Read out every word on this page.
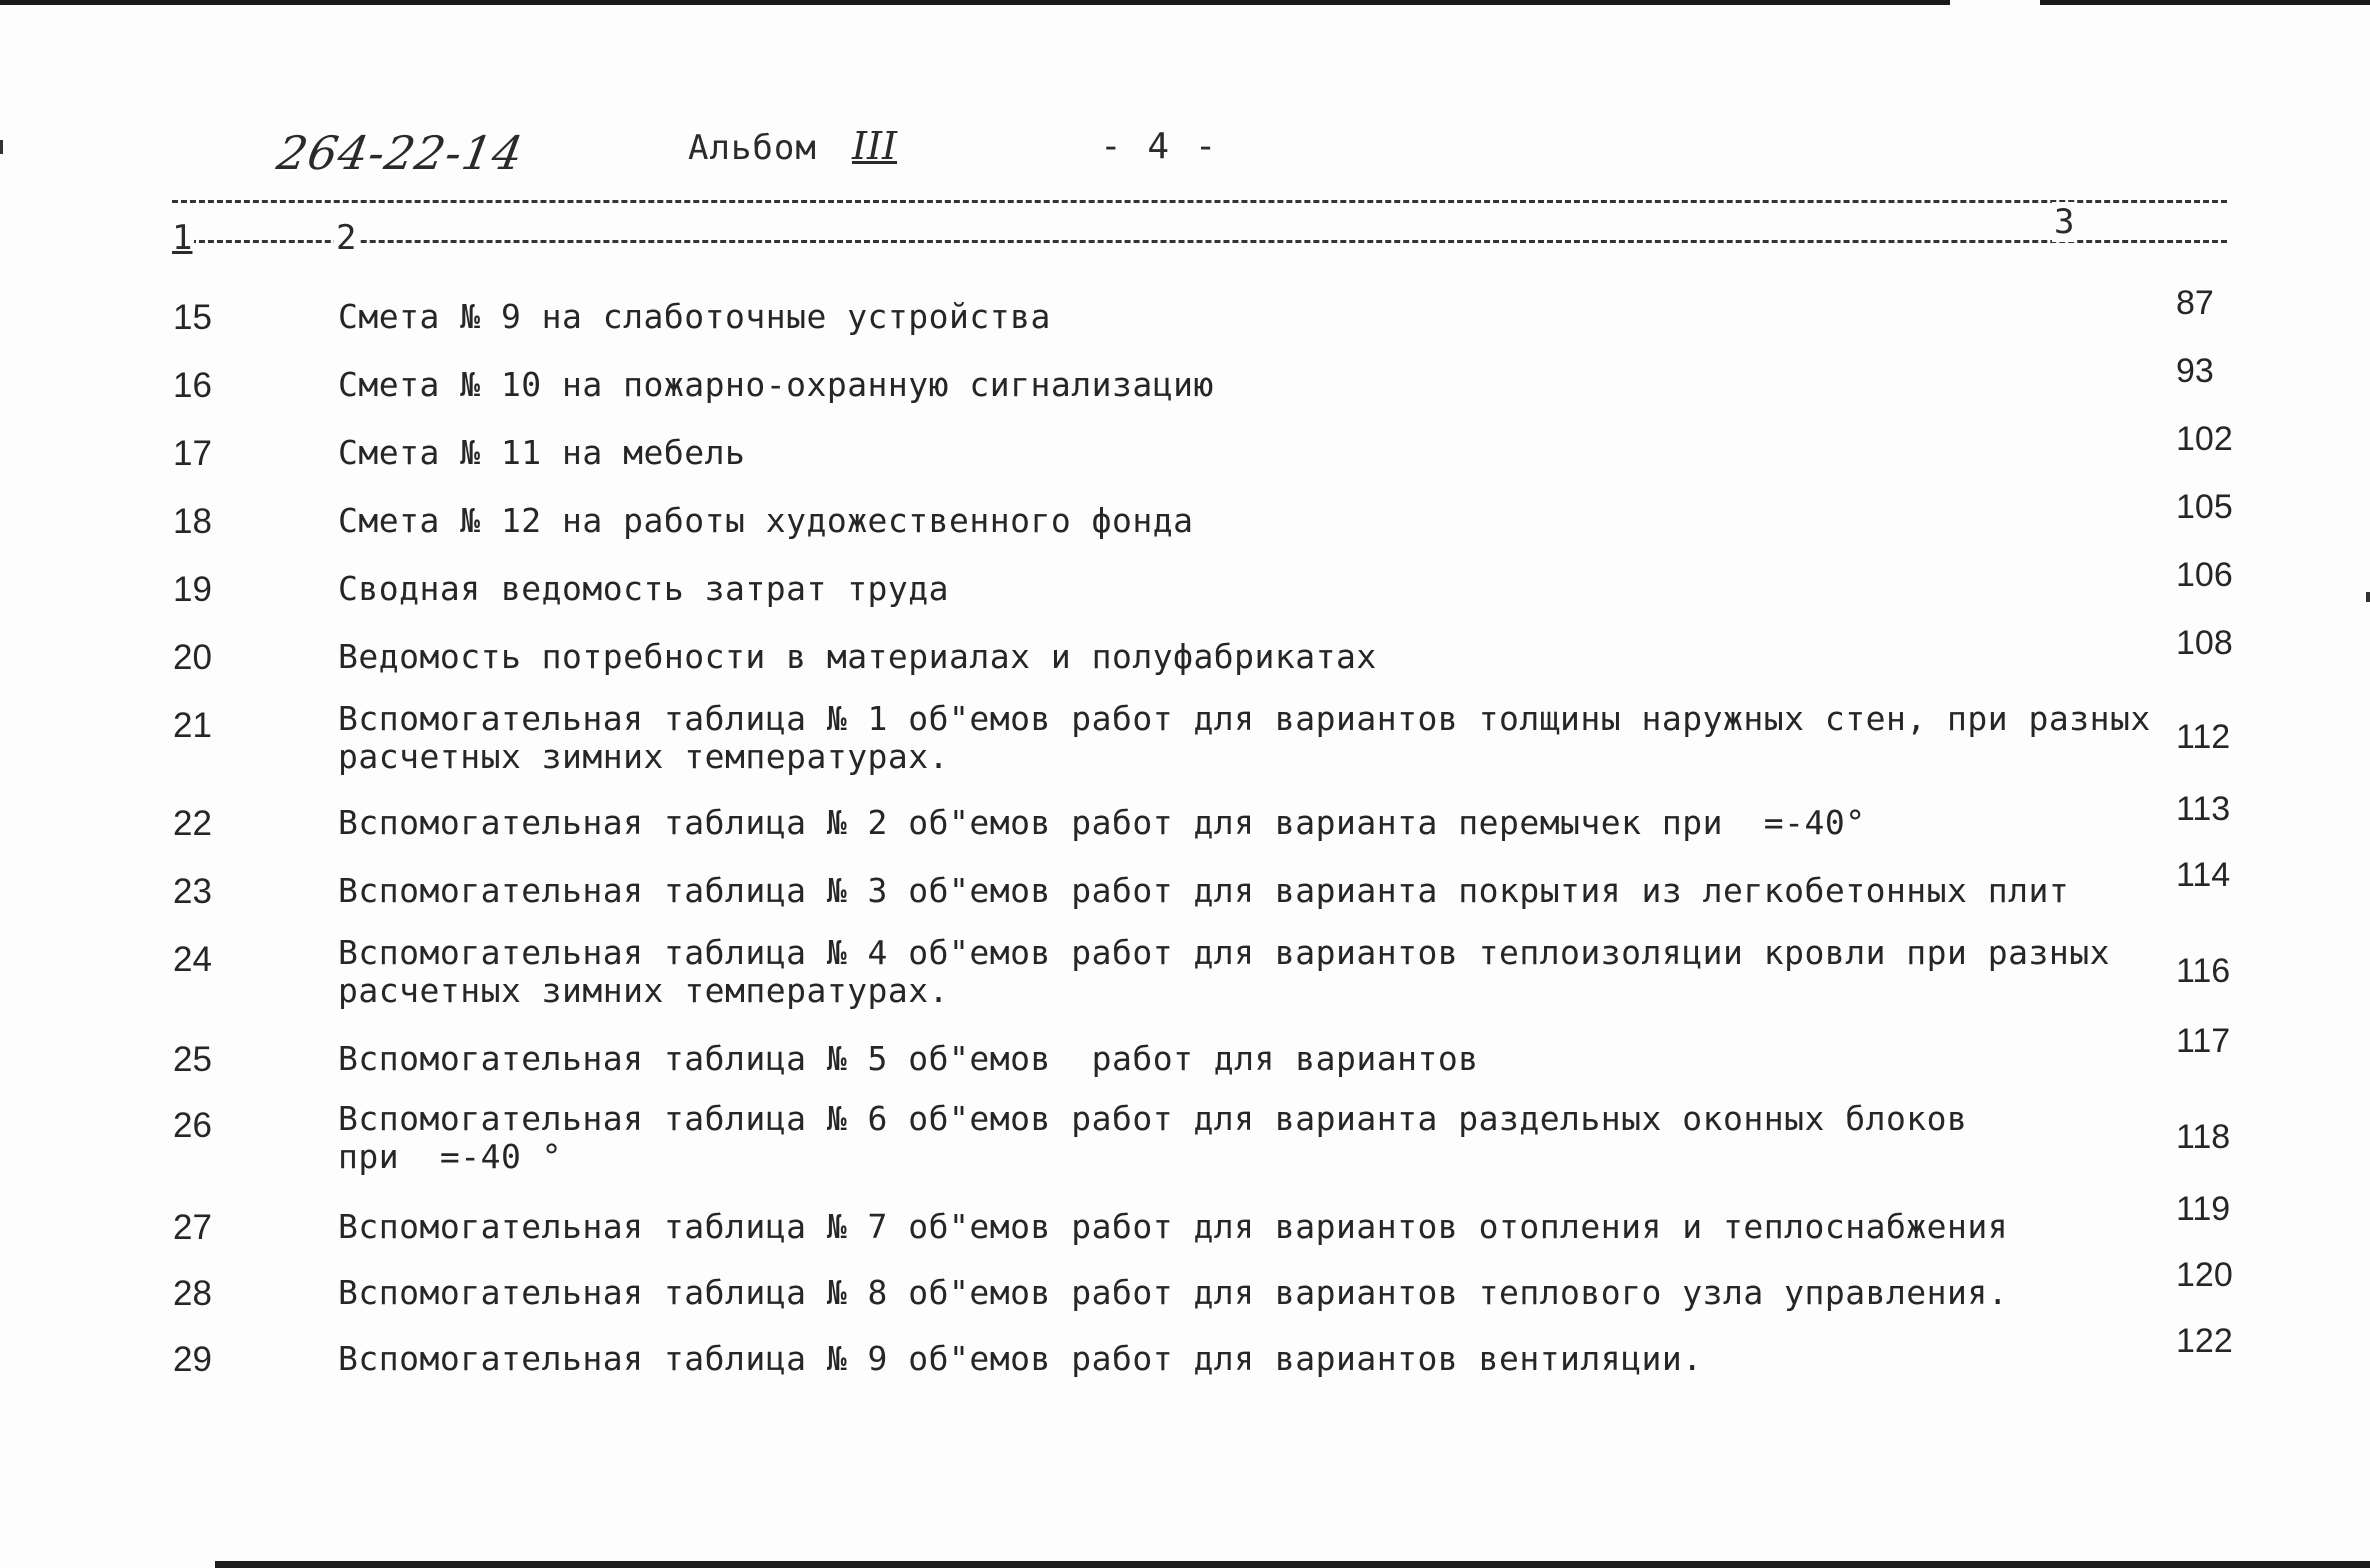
264-22-14	Альбом III	- 4 -
1	2	3
15	Смета № 9 на слаботочные устройства	87
16	Смета № 10 на пожарно-охранную сигнализацию	93
17	Смета № 11 на мебель	102
18	Смета № 12 на работы художественного фонда	105
19	Сводная ведомость затрат труда	106
20	Ведомость потребности в материалах и полуфабрикатах	108
21	Вспомогательная таблица № 1 об"емов работ для вариантов толщины наружных стен, при разных расчетных зимних температурах.	112
22	Вспомогательная таблица № 2 об"емов работ для варианта перемычек при  =-40°	113
23	Вспомогательная таблица № 3 об"емов работ для варианта покрытия из легкобетонных плит	114
24	Вспомогательная таблица № 4 об"емов работ для вариантов теплоизоляции кровли при разных расчетных зимних температурах.	116
25	Вспомогательная таблица № 5 об"емов  работ для вариантов	117
26	Вспомогательная таблица № 6 об"емов работ для варианта раздельных оконных блоков при  =-40 °	118
27	Вспомогательная таблица № 7 об"емов работ для вариантов отопления и теплоснабжения	119
28	Вспомогательная таблица № 8 об"емов работ для вариантов теплового узла управления.	120
29	Вспомогательная таблица № 9 об"емов работ для вариантов вентиляции.	122
